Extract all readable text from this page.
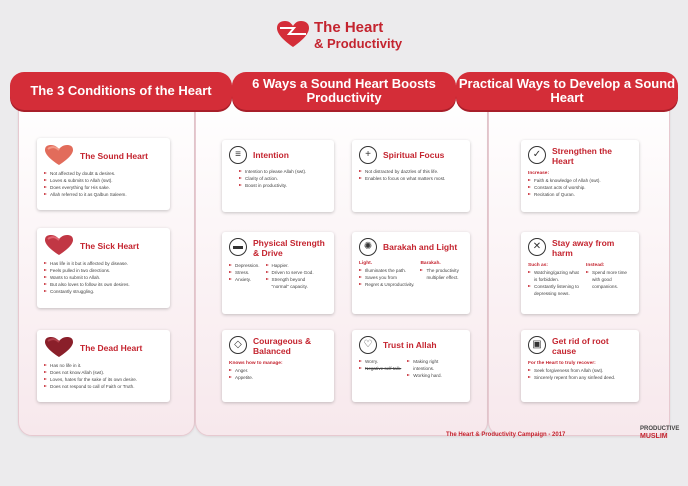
The Heart
& Productivity
The 3 Conditions of the Heart	6 Ways a Sound Heart Boosts Productivity
Practical Ways to Develop a Sound Heart
The Sound Heart
Not affected by doubt & desires.
Loves & submits to Allah (swt).
Does everything for His sake.
Allah referred to it as Qalbun Saleem.
The Sick Heart
Has life in it but is affected by disease.
Feels pulled in two directions.
Wants to submit to Allah.
But also loves to follow its own desires.
Constantly struggling.
The Dead Heart
Has no life in it.
Does not know Allah (swt).
Loves, hates for the sake of its own desire.
Does not respond to call of Faith or Truth.
≡	Intention
Intention to please Allah (swt).
Clarity of action.
Boost in productivity.
+	Spiritual Focus
Not distracted by dazzles of this life.
Enables to focus on what matters most.
▬	Physical Strength & Drive
Depression.
Stress.
Anxiety.
Happier.
Driven to serve God.
Strength beyond "normal" capacity.
✺	Barakah and Light
Light.
Illuminates the path.
Saves you from
Regret & Unproductivity.
Barakah.
The productivity multiplier effect.
◇	Courageous & Balanced
Knows how to manage:
Anger.
Appetite.
♡	Trust in Allah
Worry.
Negative self talk.
Making right intentions.
Working hard.
✓	Strengthen the Heart
Increase:
Faith & knowledge of Allah (swt).
Constant acts of worship.
Recitation of Quran.
✕	Stay away from harm
Such as:
Watching/gazing what is forbidden.
Constantly listening to depressing news.
Instead:
Spend more time with good companions.
▣	Get rid of root cause
For the Heart to truly recover:
Seek forgiveness from Allah (swt).
Sincerely repent from any sinfeed deed.
The Heart & Productivity Campaign - 2017
PRODUCTIVE
MUSLIM
